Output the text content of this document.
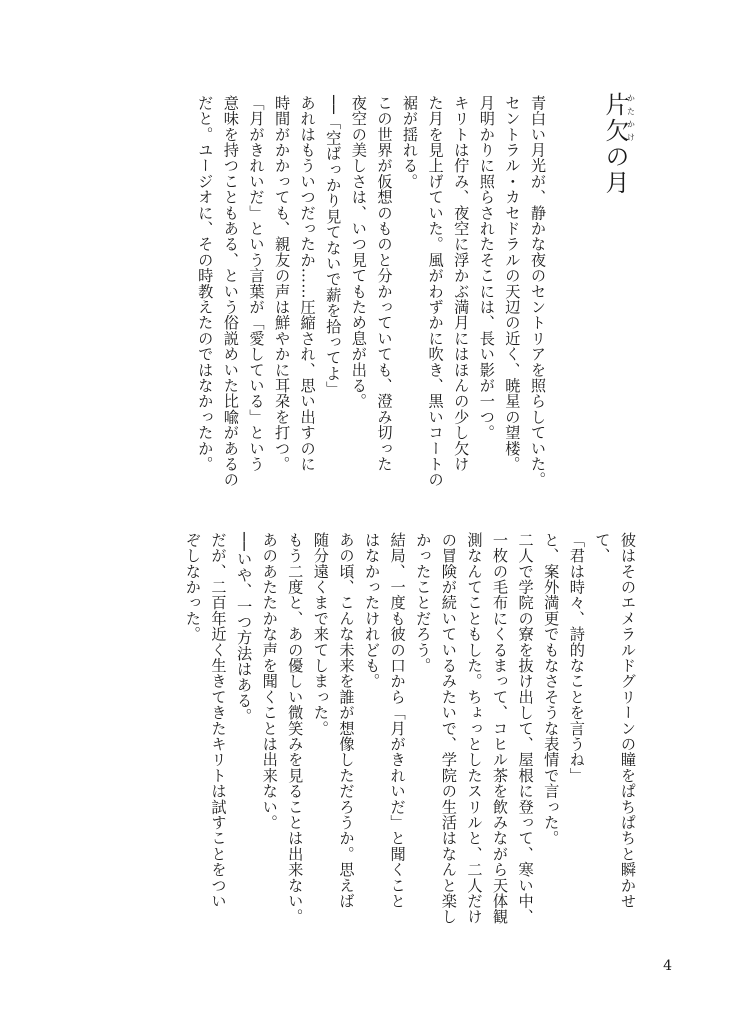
片欠かたかけの月
青白い月光が、静かな夜のセントリアを照らしていた。
セントラル・カセドラルの天辺の近く、暁星の望楼。
月明かりに照らされたそこには、長い影が一つ。
キリトは佇み、夜空に浮かぶ満月にはほんの少し欠け
た月を見上げていた。風がわずかに吹き、黒いコートの
裾が揺れる。
この世界が仮想のものと分かっていても、澄み切った
夜空の美しさは、いつ見てもため息が出る。
──「空ばっかり見てないで薪を拾ってよ」
あれはもういつだったか……圧縮され、思い出すのに
時間がかかっても、親友の声は鮮やかに耳朶を打つ。
「月がきれいだ」という言葉が「愛している」という
意味を持つこともある、という俗説めいた比喩があるの
だと。ユージオに、その時教えたのではなかったか。
彼はそのエメラルドグリーンの瞳をぱちぱちと瞬かせ
て、
「君は時々、詩的なことを言うね」
と、案外満更でもなさそうな表情で言った。
二人で学院の寮を抜け出して、屋根に登って、寒い中、
一枚の毛布にくるまって、コヒル茶を飲みながら天体観
測なんてこともした。ちょっとしたスリルと、二人だけ
の冒険が続いているみたいで、学院の生活はなんと楽し
かったことだろう。
結局、一度も彼の口から「月がきれいだ」と聞くこと
はなかったけれども。
あの頃、こんな未来を誰が想像しただろうか。思えば
随分遠くまで来てしまった。
もう二度と、あの優しい微笑みを見ることは出来ない。
あのあたたかな声を聞くことは出来ない。
──いや、一つ方法はある。
だが、二百年近く生きてきたキリトは試すことをつい
ぞしなかった。
4
